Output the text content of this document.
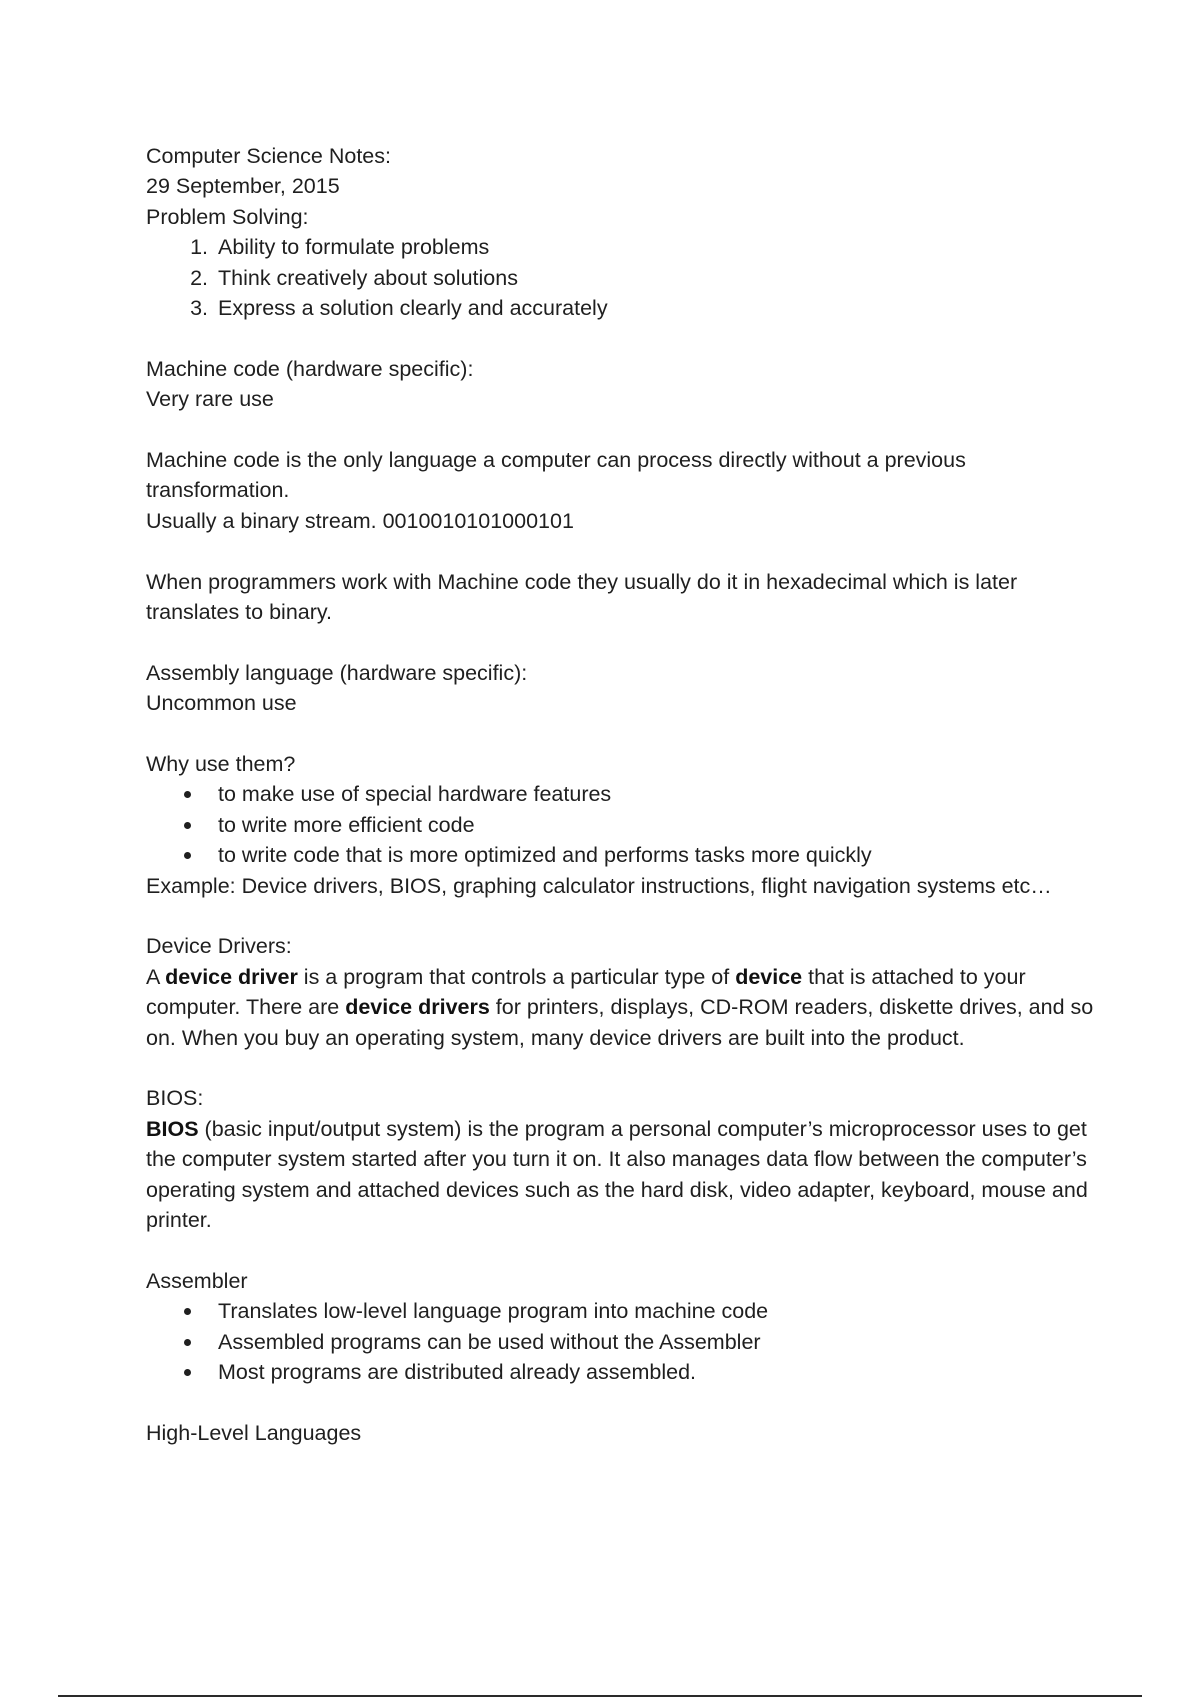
Computer Science Notes:
29 September, 2015
Problem Solving:
1. Ability to formulate problems
2. Think creatively about solutions
3. Express a solution clearly and accurately
Machine code (hardware specific):
Very rare use
Machine code is the only language a computer can process directly without a previous transformation.
Usually a binary stream. 0010010101000101
When programmers work with Machine code they usually do it in hexadecimal which is later translates to binary.
Assembly language (hardware specific):
Uncommon use
Why use them?
to make use of special hardware features
to write more efficient code
to write code that is more optimized and performs tasks more quickly
Example: Device drivers, BIOS, graphing calculator instructions, flight navigation systems etc…
Device Drivers:
A device driver is a program that controls a particular type of device that is attached to your computer. There are device drivers for printers, displays, CD-ROM readers, diskette drives, and so on. When you buy an operating system, many device drivers are built into the product.
BIOS:
BIOS (basic input/output system) is the program a personal computer’s microprocessor uses to get the computer system started after you turn it on. It also manages data flow between the computer’s operating system and attached devices such as the hard disk, video adapter, keyboard, mouse and printer.
Assembler
Translates low-level language program into machine code
Assembled programs can be used without the Assembler
Most programs are distributed already assembled.
High-Level Languages
